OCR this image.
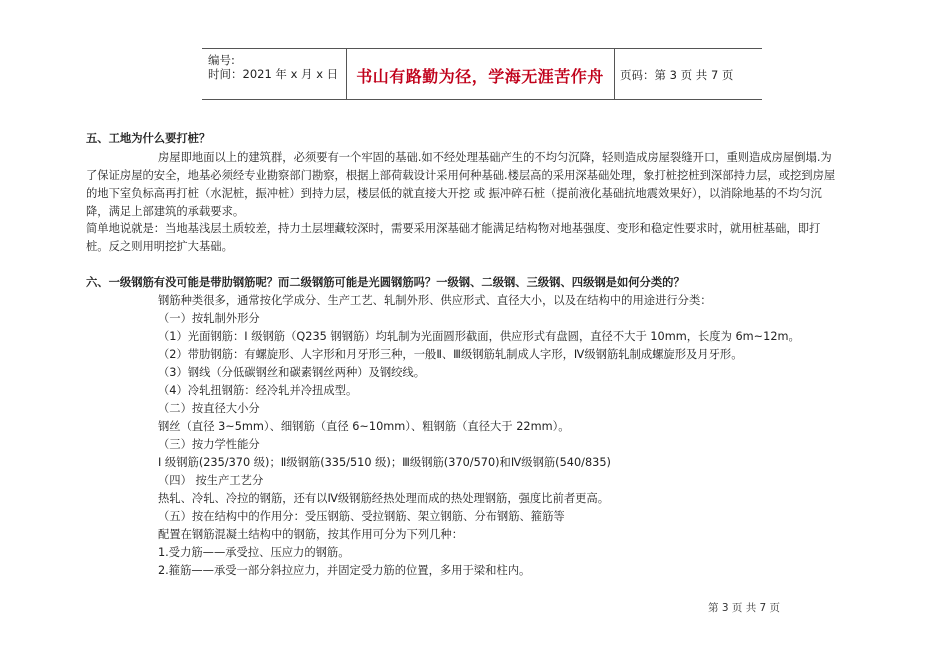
编号:
时间：2021 年 x 月 x 日	书山有路勤为径，学海无涯苦作舟	页码：第 3 页 共 7 页
五、工地为什么要打桩？
房屋即地面以上的建筑群，必须要有一个牢固的基础.如不经处理基础产生的不均匀沉降，轻则造成房屋裂缝开口，重则造成房屋倒塌.为
了保证房屋的安全，地基必须经专业勘察部门勘察，根据上部荷载设计采用何种基础.楼层高的采用深基础处理，象打桩挖桩到深部持力层，或挖到房屋
的地下室负标高再打桩（水泥桩，振冲桩）到持力层，楼层低的就直接大开挖 或 振冲碎石桩（提前液化基础抗地震效果好），以消除地基的不均匀沉
降，满足上部建筑的承载要求。
简单地说就是：当地基浅层土质较差，持力土层埋藏较深时，需要采用深基础才能满足结构物对地基强度、变形和稳定性要求时，就用桩基础，即打
桩。反之则用明挖扩大基础。
六、一级钢筋有没可能是带肋钢筋呢？而二级钢筋可能是光圆钢筋吗？一级钢、二级钢、三级钢、四级钢是如何分类的？
钢筋种类很多，通常按化学成分、生产工艺、轧制外形、供应形式、直径大小，以及在结构中的用途进行分类：
（一）按轧制外形分
（1）光面钢筋：I 级钢筋（Q235 钢钢筋）均轧制为光面圆形截面，供应形式有盘圆，直径不大于 10mm，长度为 6m~12m。
（2）带肋钢筋：有螺旋形、人字形和月牙形三种，一般Ⅱ、Ⅲ级钢筋轧制成人字形，Ⅳ级钢筋轧制成螺旋形及月牙形。
（3）钢线（分低碳钢丝和碳素钢丝两种）及钢绞线。
（4）冷轧扭钢筋：经冷轧并冷扭成型。
（二）按直径大小分
钢丝（直径 3~5mm）、细钢筋（直径 6~10mm）、粗钢筋（直径大于 22mm）。
（三）按力学性能分
Ⅰ 级钢筋(235/370 级)；Ⅱ级钢筋(335/510 级)；Ⅲ级钢筋(370/570)和Ⅳ级钢筋(540/835)
（四） 按生产工艺分
热轧、冷轧、冷拉的钢筋，还有以Ⅳ级钢筋经热处理而成的热处理钢筋，强度比前者更高。
（五）按在结构中的作用分：受压钢筋、受拉钢筋、架立钢筋、分布钢筋、箍筋等
配置在钢筋混凝土结构中的钢筋，按其作用可分为下列几种：
1.受力筋——承受拉、压应力的钢筋。
2.箍筋——承受一部分斜拉应力，并固定受力筋的位置，多用于梁和柱内。
第 3 页 共 7 页
